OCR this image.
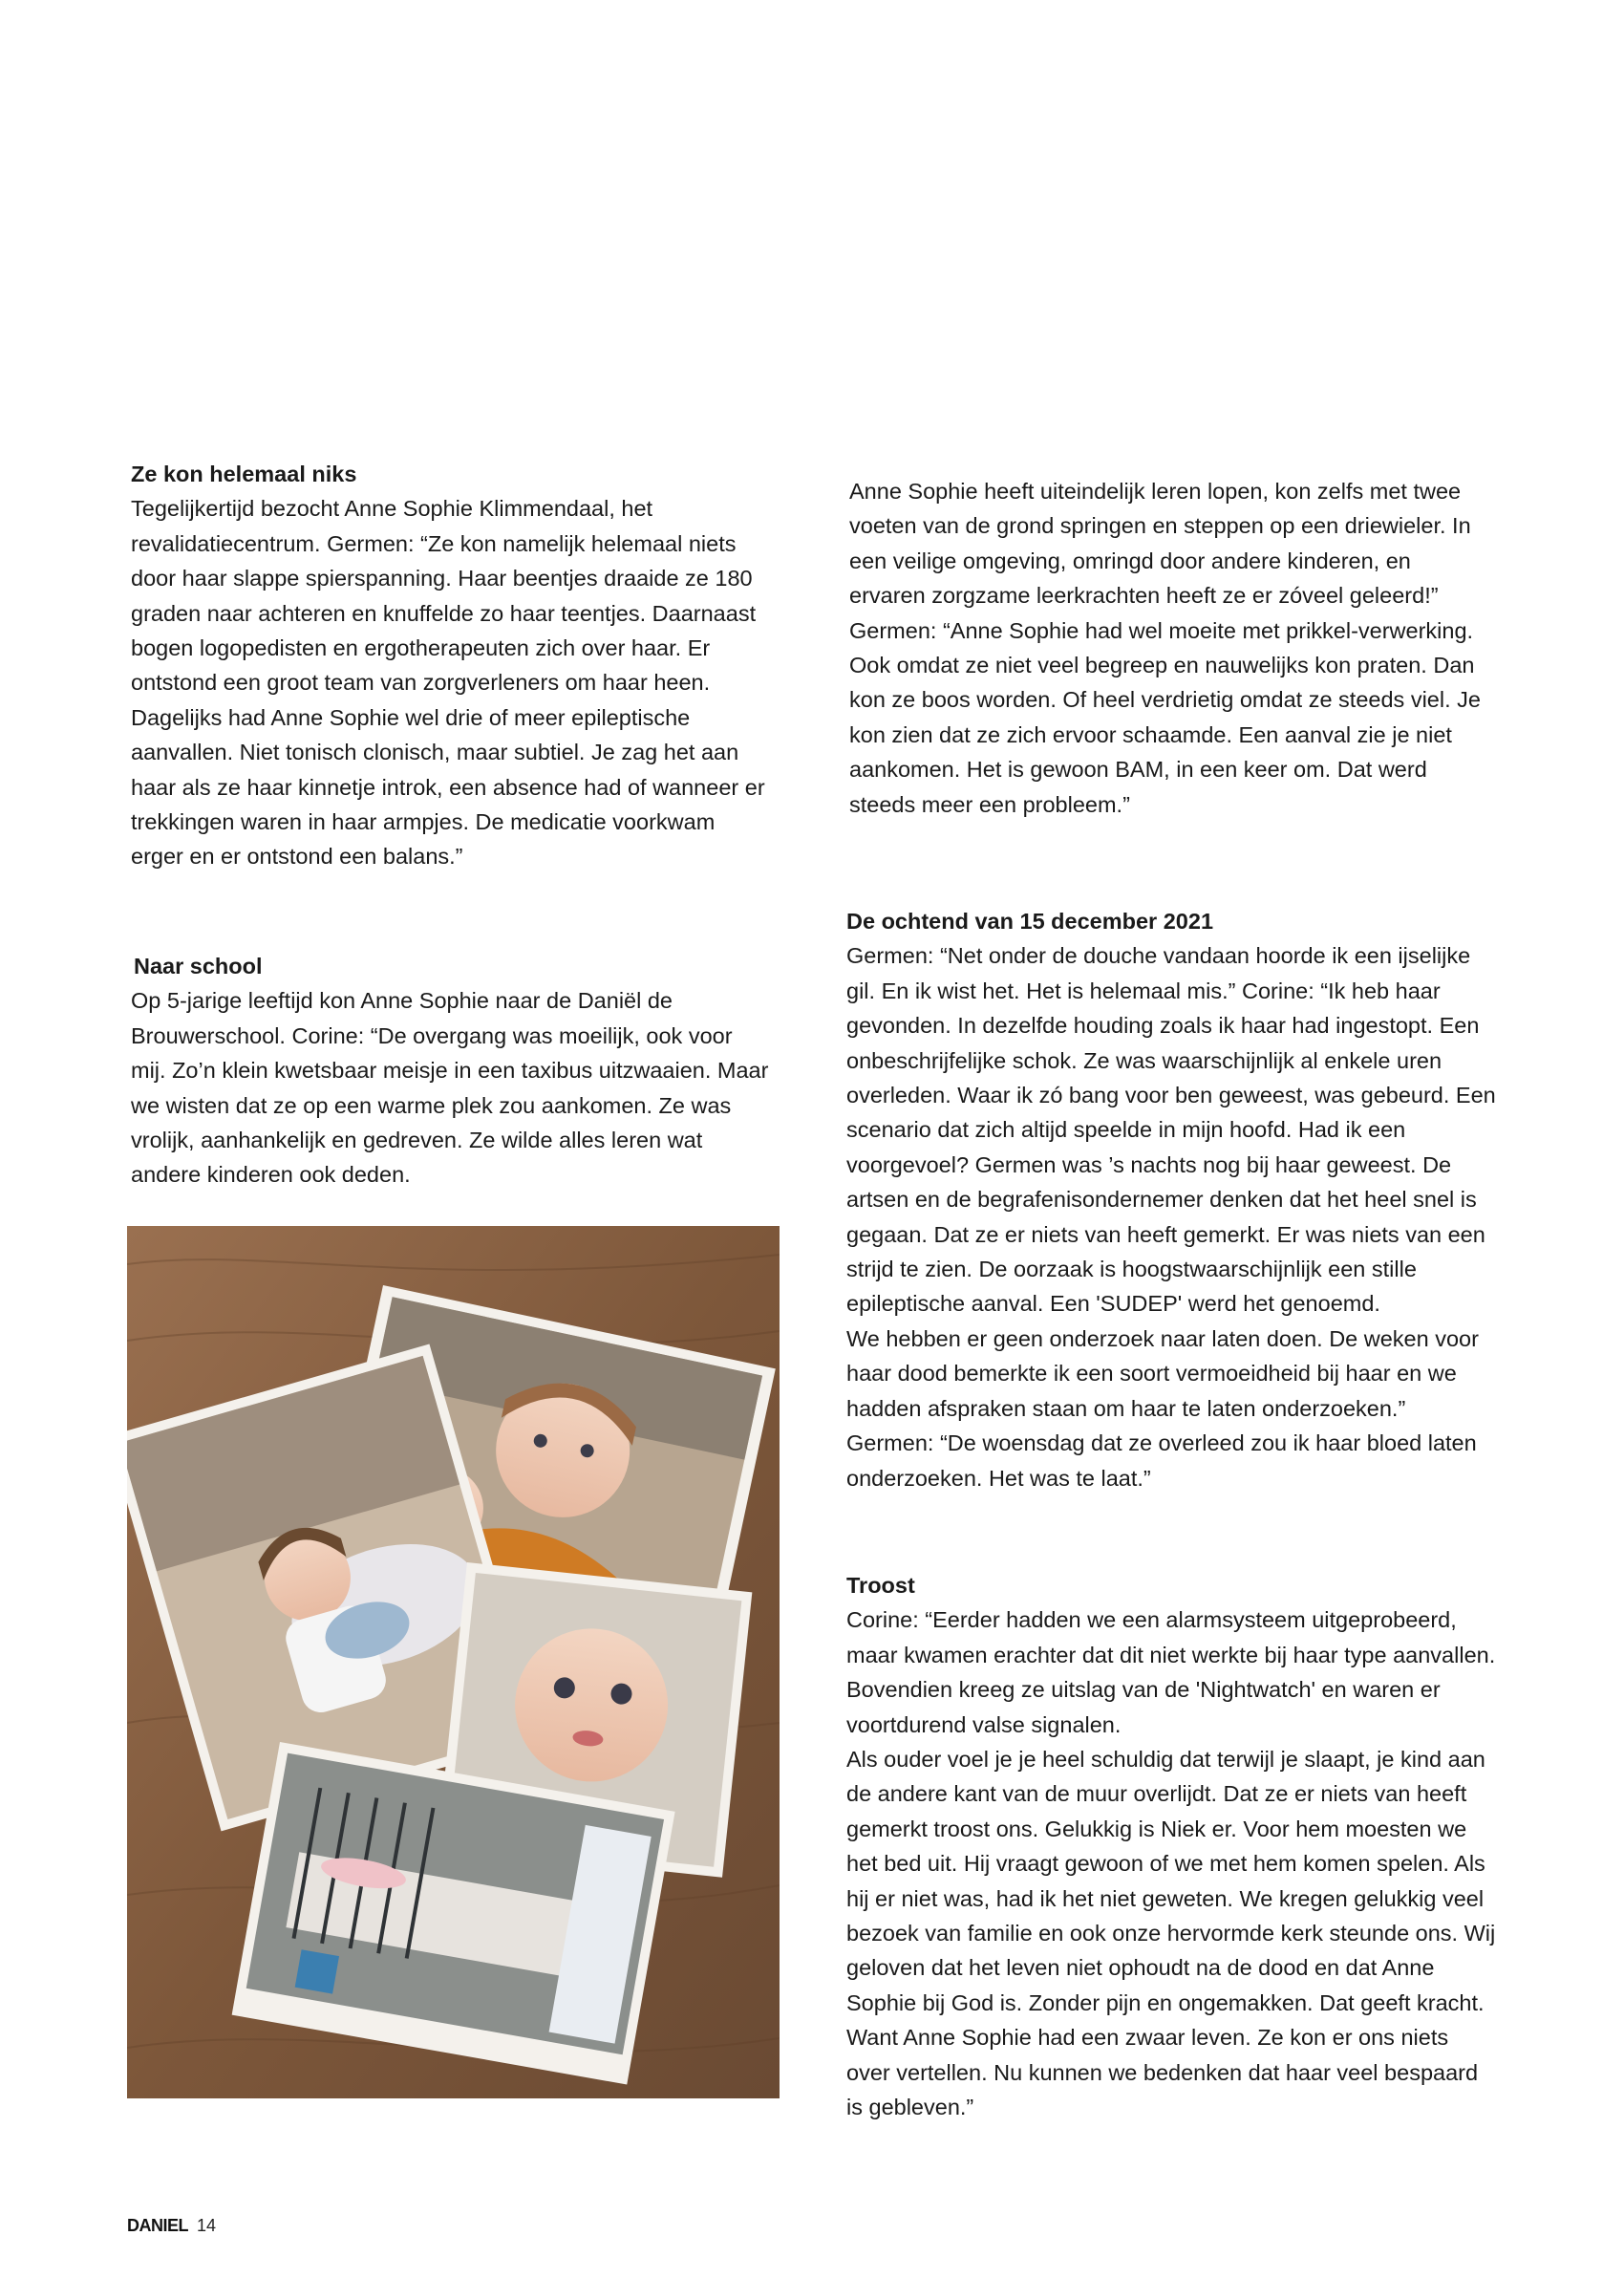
Ze kon helemaal niks

Tegelijkertijd bezocht Anne Sophie Klimmendaal, het revalidatiecentrum. Germen: “Ze kon namelijk helemaal niets door haar slappe spierspanning. Haar beentjes draaide ze 180 graden naar achteren en knuffelde zo haar teentjes. Daarnaast bogen logopedisten en ergotherapeuten zich over haar. Er ontstond een groot team van zorgverleners om haar heen. Dagelijks had Anne Sophie wel drie of meer epileptische aanvallen. Niet tonisch clonisch, maar subtiel. Je zag het aan haar als ze haar kinnetje introk, een absence had of wanneer er trekkingen waren in haar armpjes. De medicatie voorkwam erger en er ontstond een balans.”

Naar school

Op 5-jarige leeftijd kon Anne Sophie naar de Daniël de Brouwerschool. Corine: “De overgang was moeilijk, ook voor mij. Zo’n klein kwetsbaar meisje in een taxibus uitzwaaien. Maar we wisten dat ze op een warme plek zou aankomen. Ze was vrolijk, aanhankelijk en gedreven. Ze wilde alles leren wat andere kinderen ook deden.

Anne Sophie heeft uiteindelijk leren lopen, kon zelfs met twee voeten van de grond springen en steppen op een driewieler. In een veilige omgeving, omringd door andere kinderen, en ervaren zorgzame leerkrachten heeft ze er zóveel geleerd!”

Germen: “Anne Sophie had wel moeite met prikkel-verwerking. Ook omdat ze niet veel begreep en nauwelijks kon praten. Dan kon ze boos worden. Of heel verdrietig omdat ze steeds viel. Je kon zien dat ze zich ervoor schaamde. Een aanval zie je niet aankomen. Het is gewoon BAM, in een keer om. Dat werd steeds meer een probleem.”

De ochtend van 15 december 2021

Germen: “Net onder de douche vandaan hoorde ik een ijselijke gil. En ik wist het. Het is helemaal mis.” Corine: “Ik heb haar gevonden. In dezelfde houding zoals ik haar had ingestopt. Een onbeschrijfelijke schok. Ze was waarschijnlijk al enkele uren overleden. Waar ik zó bang voor ben geweest, was gebeurd. Een scenario dat zich altijd speelde in mijn hoofd. Had ik een voorgevoel? Germen was ’s nachts nog bij haar geweest. De artsen en de begrafenisondernemer denken dat het heel snel is gegaan. Dat ze er niets van heeft gemerkt. Er was niets van een strijd te zien. De oorzaak is hoogstwaarschijnlijk een stille epileptische aanval. Een 'SUDEP' werd het genoemd.

We hebben er geen onderzoek naar laten doen. De weken voor haar dood bemerkte ik een soort vermoeidheid bij haar en we hadden afspraken staan om haar te laten onderzoeken.” Germen: “De woensdag dat ze overleed zou ik haar bloed laten onderzoeken. Het was te laat.”

Troost

Corine: “Eerder hadden we een alarmsysteem uitgeprobeerd, maar kwamen erachter dat dit niet werkte bij haar type aanvallen. Bovendien kreeg ze uitslag van de 'Nightwatch' en waren er voortdurend valse signalen.

Als ouder voel je je heel schuldig dat terwijl je slaapt, je kind aan de andere kant van de muur overlijdt. Dat ze er niets van heeft gemerkt troost ons. Gelukkig is Niek er. Voor hem moesten we het bed uit. Hij vraagt gewoon of we met hem komen spelen. Als hij er niet was, had ik het niet geweten. We kregen gelukkig veel bezoek van familie en ook onze hervormde kerk steunde ons. Wij geloven dat het leven niet ophoudt na de dood en dat Anne Sophie bij God is. Zonder pijn en ongemakken. Dat geeft kracht.

Want Anne Sophie had een zwaar leven. Ze kon er ons niets over vertellen. Nu kunnen we bedenken dat haar veel bespaard is gebleven.”

DANIEL 14
